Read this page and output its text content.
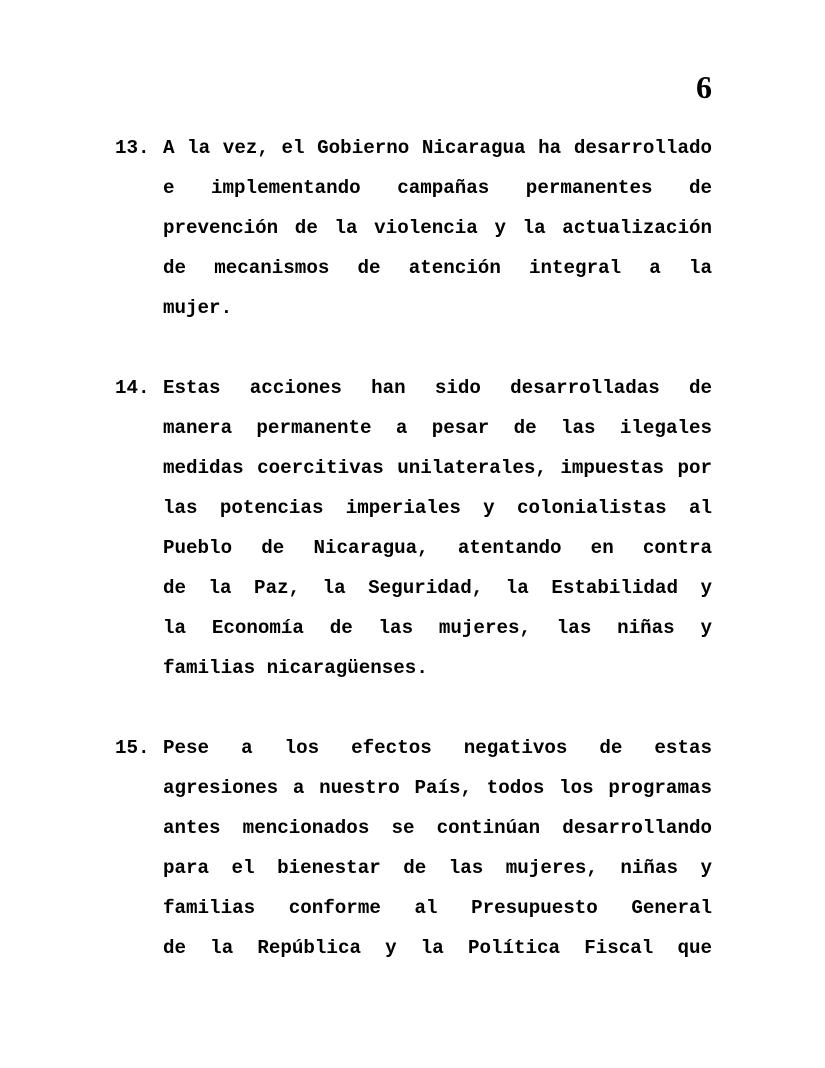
6
13. A la vez, el Gobierno Nicaragua ha desarrollado
e implementando campañas permanentes de
prevención de la violencia y la actualización
de mecanismos de atención integral a la
mujer.
14. Estas acciones han sido desarrolladas de
manera permanente a pesar de las ilegales
medidas coercitivas unilaterales, impuestas por
las potencias imperiales y colonialistas al
Pueblo de Nicaragua, atentando en contra
de la Paz, la Seguridad, la Estabilidad y
la Economía de las mujeres, las niñas y
familias nicaragüenses.
15. Pese a los efectos negativos de estas
agresiones a nuestro País, todos los programas
antes mencionados se continúan desarrollando
para el bienestar de las mujeres, niñas y
familias conforme al Presupuesto General
de la República y la Política Fiscal que
